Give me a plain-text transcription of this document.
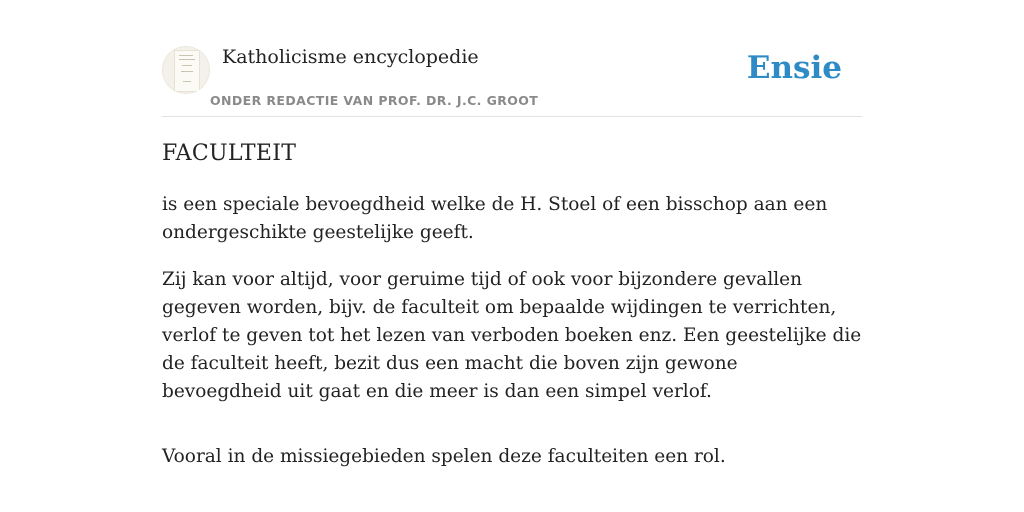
Katholicisme encyclopedie
ONDER REDACTIE VAN PROF. DR. J.C. GROOT
Ensie
FACULTEIT

is een speciale bevoegdheid welke de H. Stoel of een bisschop aan een ondergeschikte geestelijke geeft.

Zij kan voor altijd, voor geruime tijd of ook voor bijzondere gevallen gegeven worden, bijv. de faculteit om bepaalde wijdingen te verrichten, verlof te geven tot het lezen van verboden boeken enz. Een geestelijke die de faculteit heeft, bezit dus een macht die boven zijn gewone bevoegdheid uit gaat en die meer is dan een simpel verlof.

Vooral in de missiegebieden spelen deze faculteiten een rol.
